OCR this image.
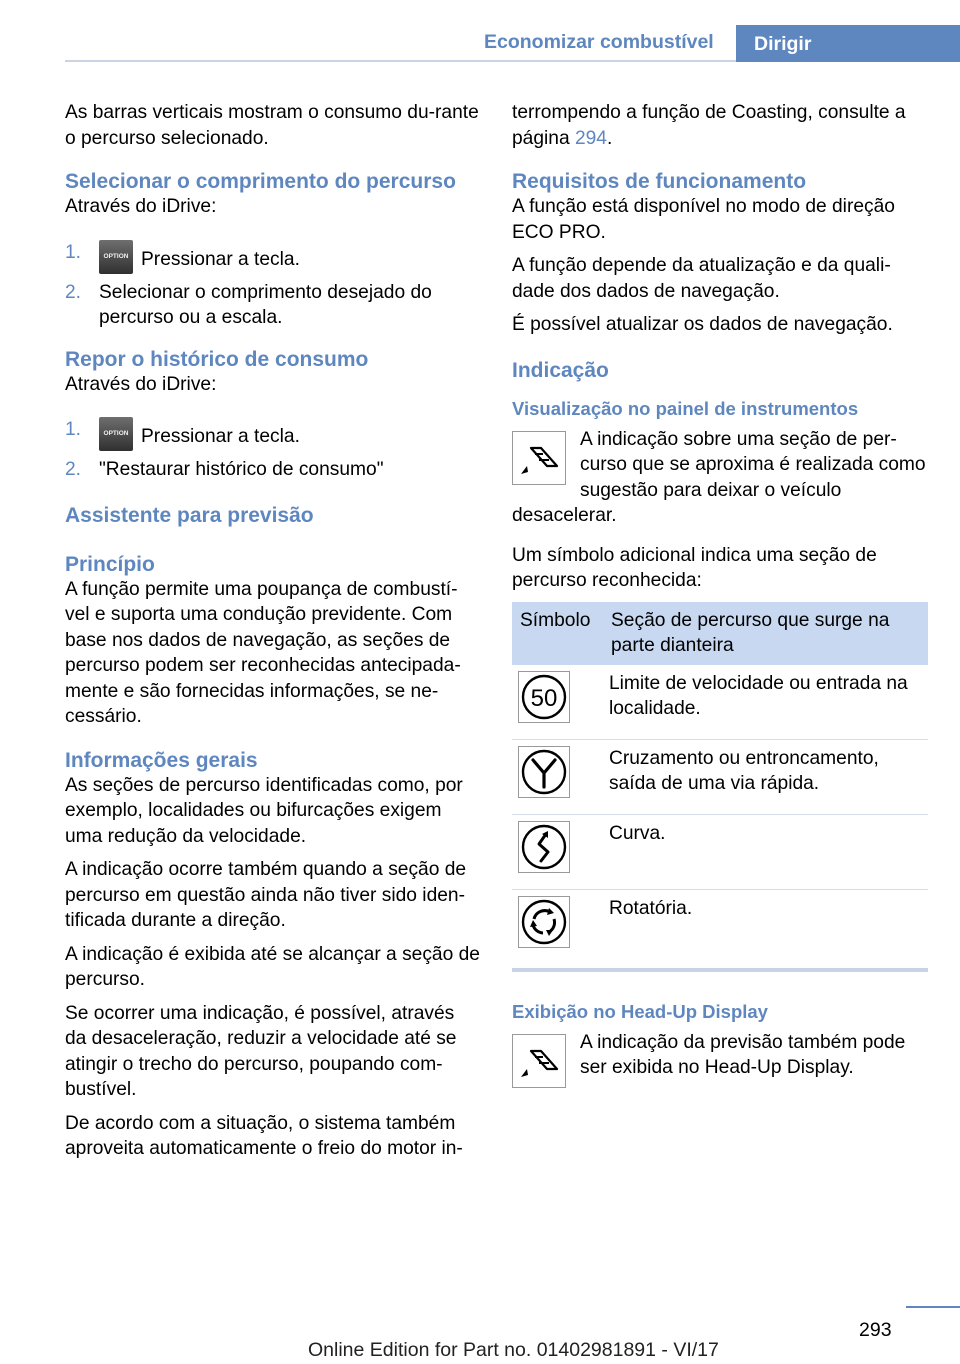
Economizar combustível Dirigir

As barras verticais mostram o consumo du-rante o percurso selecionado.

Selecionar o comprimento do percurso

Através do iDrive:

1.	OPTION Pressionar a tecla.
2. Selecionar o comprimento desejado do percurso ou a escala.
Repor o histórico de consumo

Através do iDrive:

1.	OPTION Pressionar a tecla.
2. "Restaurar histórico de consumo"
Assistente para previsão
Princípio

A função permite uma poupança de combustí-vel e suporta uma condução previdente. Com base nos dados de navegação, as seções de percurso podem ser reconhecidas antecipada-mente e são fornecidas informações, se ne-cessário.

Informações gerais

As seções de percurso identificadas como, por exemplo, localidades ou bifurcações exigem uma redução da velocidade.

A indicação ocorre também quando a seção de percurso em questão ainda não tiver sido iden-tificada durante a direção.

A indicação é exibida até se alcançar a seção de percurso.

Se ocorrer uma indicação, é possível, através da desaceleração, reduzir a velocidade até se atingir o trecho do percurso, poupando com-bustível.

De acordo com a situação, o sistema também aproveita automaticamente o freio do motor in-

terrompendo a função de Coasting, consulte a página 294.

Requisitos de funcionamento

A função está disponível no modo de direção ECO PRO.

A função depende da atualização e da quali-dade dos dados de navegação.

É possível atualizar os dados de navegação.

Indicação
Visualização no painel de instrumentos

A indicação sobre uma seção de per-curso que se aproxima é realizada como sugestão para deixar o veículo desacelerar.

Um símbolo adicional indica uma seção de percurso reconhecida:

Símbolo	Seção de percurso que surge na parte dianteira

50	Limite de velocidade ou entrada na localidade.

	Cruzamento ou entroncamento, saída de uma via rápida.

	Curva.

	Rotatória.
Exibição no Head-Up Display

A indicação da previsão também pode ser exibida no Head-Up Display.

293
Online Edition for Part no. 01402981891 - VI/17
